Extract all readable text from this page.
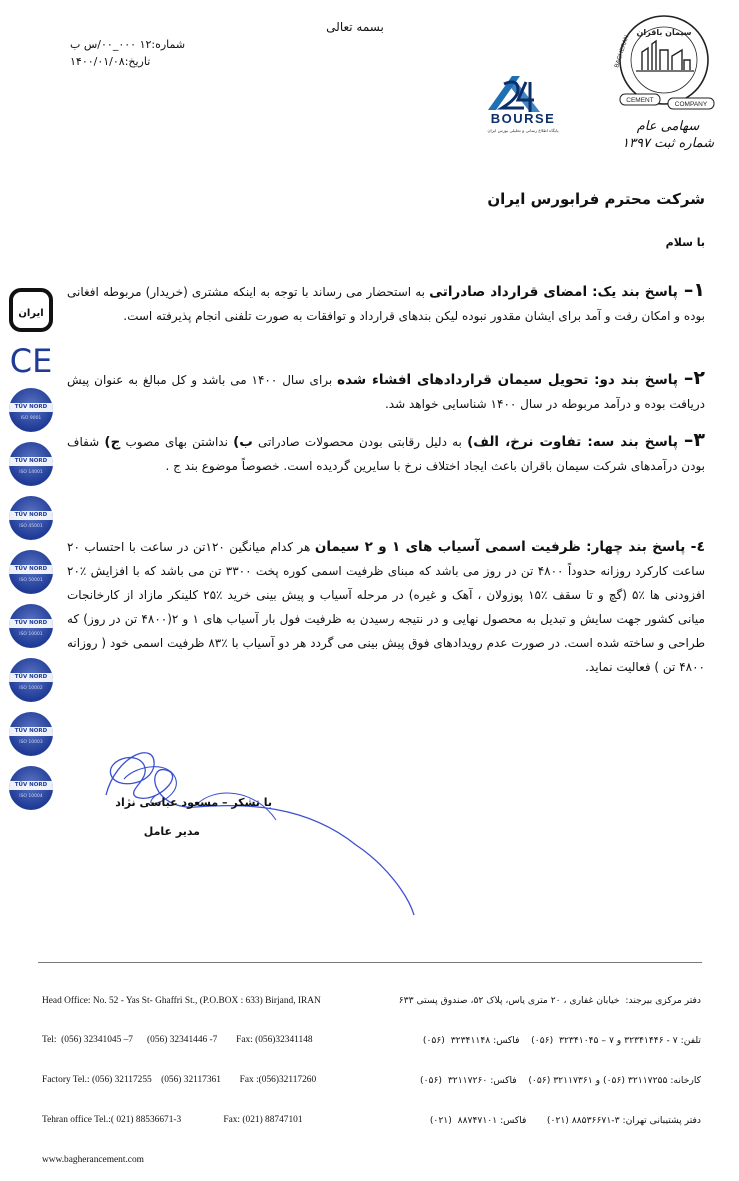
بسمه تعالی
شماره:۱۲ ۰۰۰_۰۰/س ب
تاریخ:۱۴۰۰/۰۱/۰۸
BOURSE
پایگاه اطلاع رسانی و تحلیلی بورس ایران
سیمان باقران
BAGHERAN
CEMENT
COMPANY
سهامی عام
شماره ثبت ۱۳۹۷
شرکت محترم فرابورس ایران
با سلام
۱–پاسخ بند یک: امضای قرارداد صادراتی به استحضار می رساند با توجه به اینکه مشتری (خریدار) مربوطه افغانی بوده و امکان رفت و آمد برای ایشان مقدور نبوده لیکن بندهای قرارداد و توافقات به صورت تلفنی انجام پذیرفته است.
۲–پاسخ بند دو: تحویل سیمان قراردادهای افشاء شده برای سال ۱۴۰۰ می باشد و کل مبالغ به عنوان پیش دریافت بوده و درآمد مربوطه در سال ۱۴۰۰ شناسایی خواهد شد.
۳–پاسخ بند سه: تفاوت نرخ، الف) به دلیل رقابتی بودن محصولات صادراتی ب) نداشتن بهای مصوب ج) شفاف بودن درآمدهای شرکت سیمان باقران باعث ایجاد اختلاف نرخ با سایرین گردیده است. خصوصاً موضوع بند ج .
٤- پاسخ بند چهار: ظرفیت اسمی آسیاب های ۱ و ۲ سیمان هر کدام میانگین ۱۲۰تن در ساعت با احتساب ۲۰ ساعت کارکرد روزانه حدوداً ۴۸۰۰ تن در روز می باشد که مبنای ظرفیت اسمی کوره پخت ۳۳۰۰ تن می باشد که با افزایش ٪۲۰ افزودنی ها ٪۵ (گچ و تا سقف ٪۱۵ پوزولان ، آهک و غیره) در مرحله آسیاب و پیش بینی خرید ٪۲۵ کلینکر مازاد از کارخانجات میانی کشور جهت سایش و تبدیل به محصول نهایی و در نتیجه رسیدن به ظرفیت فول بار آسیاب های ۱ و ۲(۴۸۰۰ تن در روز) که طراحی و ساخته شده است. در صورت عدم رویدادهای فوق پیش بینی می گردد هر دو آسیاب با ٪۸۳ ظرفیت اسمی خود ( روزانه ۴۸۰۰ تن ) فعالیت نماید.
ایران
CE
TÜV NORD
ISO 9001
TÜV NORD
ISO 14001
TÜV NORD
ISO 45001
TÜV NORD
ISO 50001
TÜV NORD
ISO 10001
TÜV NORD
ISO 10002
TÜV NORD
ISO 10003
TÜV NORD
ISO 10004	با تشکر – مسعود عباسی نژاد
مدیر عامل

Head Office: No. 52 - Yas St- Ghaffri St., (P.O.BOX : 633) Birjand, IRAN

Tel:  (056) 32341045 –7      (056) 32341446 -7        Fax: (056)32341148

Factory Tel.: (056) 32117255    (056) 32117361        Fax :(056)32117260

Tehran office Tel.:( 021) 88536671-3                  Fax: (021) 88747101

www.bagherancement.com

دفتر مرکزی بیرجند:  خیابان غفاری ، ۲۰ متری یاس، پلاک ۵۲، صندوق پستی ۶۳۳

تلفن: ۷ - ۳۲۳۴۱۴۴۶ و ۷ – ۳۲۳۴۱۰۴۵  (۰۵۶)    فاکس: ۳۲۳۴۱۱۴۸  (۰۵۶)

کارخانه: ۳۲۱۱۷۲۵۵ (۰۵۶) و ۳۲۱۱۷۳۶۱ (۰۵۶)    فاکس: ۳۲۱۱۷۲۶۰  (۰۵۶)

دفتر پشتیبانی تهران: ۳-۸۸۵۳۶۶۷۱ (۰۲۱)       فاکس: ۸۸۷۴۷۱۰۱  (۰۲۱)
